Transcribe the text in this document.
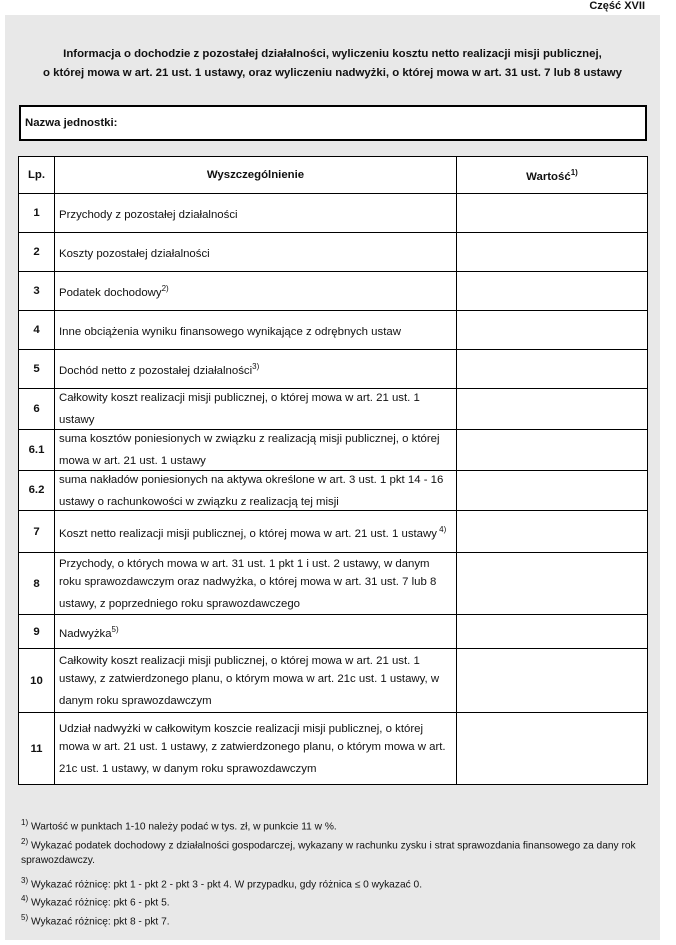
Część XVII
Informacja o dochodzie z pozostałej działalności, wyliczeniu kosztu netto realizacji misji publicznej,
o której mowa w art. 21 ust. 1 ustawy, oraz wyliczeniu nadwyżki, o której mowa w art. 31 ust. 7 lub 8 ustawy
Nazwa jednostki:
Lp.	Wyszczególnienie	Wartość$^{1)}$
1	Przychody z pozostałej działalności	
2	Koszty pozostałej działalności	
3	Podatek dochodowy$^{2)}$	
4	Inne obciążenia wyniku finansowego wynikające z odrębnych ustaw	
5	Dochód netto z pozostałej działalności$^{3)}$	
6	Całkowity koszt realizacji misji publicznej, o której mowa w art. 21 ust. 1 ustawy	
6.1	suma kosztów poniesionych w związku z realizacją misji publicznej, o której mowa w art. 21 ust. 1 ustawy	
6.2	suma nakładów poniesionych na aktywa określone w art. 3 ust. 1 pkt 14 - 16 ustawy o rachunkowości w związku z realizacją tej misji	
7	Koszt netto realizacji misji publicznej, o której mowa w art. 21 ust. 1 ustawy $^{4)}$	
8	Przychody, o których mowa w art. 31 ust. 1 pkt 1 i ust. 2 ustawy, w danym roku sprawozdawczym oraz nadwyżka, o której mowa w art. 31 ust. 7 lub 8 ustawy, z poprzedniego roku sprawozdawczego	
9	Nadwyżka$^{5)}$	
10	Całkowity koszt realizacji misji publicznej, o której mowa w art. 21 ust. 1 ustawy, z zatwierdzonego planu, o którym mowa w art. 21c ust. 1 ustawy, w danym roku sprawozdawczym	
11	Udział nadwyżki w całkowitym koszcie realizacji misji publicznej, o której mowa w art. 21 ust. 1 ustawy, z zatwierdzonego planu, o którym mowa w art. 21c ust. 1 ustawy, w danym roku sprawozdawczym	
$^{1)}$ Wartość w punktach 1-10 należy podać w tys. zł, w punkcie 11 w %.
$^{2)}$ Wykazać podatek dochodowy z działalności gospodarczej, wykazany w rachunku zysku i strat sprawozdania finansowego za dany rok sprawozdawczy.
$^{3)}$ Wykazać różnicę: pkt 1 - pkt 2 - pkt 3 - pkt 4. W przypadku, gdy różnica ≤ 0 wykazać 0.
$^{4)}$ Wykazać różnicę: pkt 6 - pkt 5.
$^{5)}$ Wykazać różnicę: pkt 8 - pkt 7.
